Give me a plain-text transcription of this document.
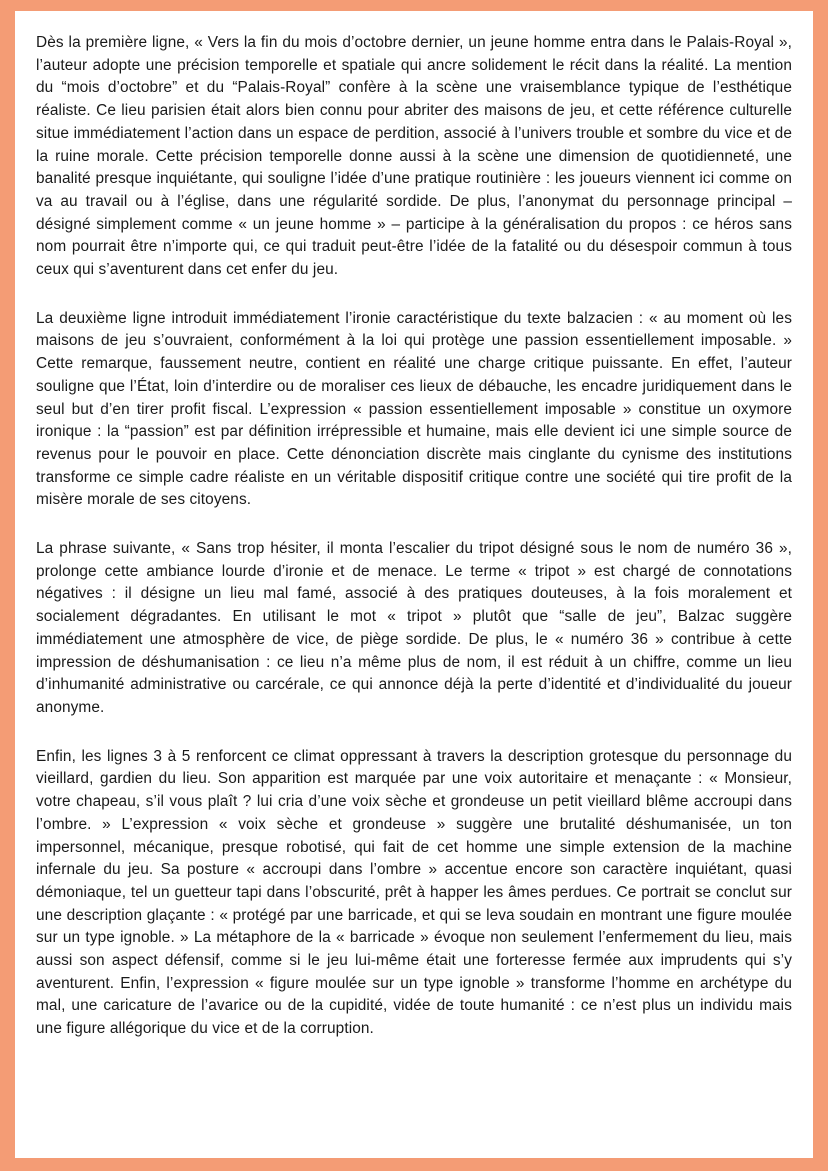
Dès la première ligne, « Vers la fin du mois d’octobre dernier, un jeune homme entra dans le Palais-Royal », l’auteur adopte une précision temporelle et spatiale qui ancre solidement le récit dans la réalité. La mention du “mois d’octobre” et du “Palais-Royal” confère à la scène une vraisemblance typique de l’esthétique réaliste. Ce lieu parisien était alors bien connu pour abriter des maisons de jeu, et cette référence culturelle situe immédiatement l’action dans un espace de perdition, associé à l’univers trouble et sombre du vice et de la ruine morale. Cette précision temporelle donne aussi à la scène une dimension de quotidienneté, une banalité presque inquiétante, qui souligne l’idée d’une pratique routinière : les joueurs viennent ici comme on va au travail ou à l’église, dans une régularité sordide. De plus, l’anonymat du personnage principal – désigné simplement comme « un jeune homme » – participe à la généralisation du propos : ce héros sans nom pourrait être n’importe qui, ce qui traduit peut-être l’idée de la fatalité ou du désespoir commun à tous ceux qui s’aventurent dans cet enfer du jeu.

La deuxième ligne introduit immédiatement l’ironie caractéristique du texte balzacien : « au moment où les maisons de jeu s’ouvraient, conformément à la loi qui protège une passion essentiellement imposable. » Cette remarque, faussement neutre, contient en réalité une charge critique puissante. En effet, l’auteur souligne que l’État, loin d’interdire ou de moraliser ces lieux de débauche, les encadre juridiquement dans le seul but d’en tirer profit fiscal. L’expression « passion essentiellement imposable » constitue un oxymore ironique : la “passion” est par définition irrépressible et humaine, mais elle devient ici une simple source de revenus pour le pouvoir en place. Cette dénonciation discrète mais cinglante du cynisme des institutions transforme ce simple cadre réaliste en un véritable dispositif critique contre une société qui tire profit de la misère morale de ses citoyens.

La phrase suivante, « Sans trop hésiter, il monta l’escalier du tripot désigné sous le nom de numéro 36 », prolonge cette ambiance lourde d’ironie et de menace. Le terme « tripot » est chargé de connotations négatives : il désigne un lieu mal famé, associé à des pratiques douteuses, à la fois moralement et socialement dégradantes. En utilisant le mot « tripot » plutôt que “salle de jeu”, Balzac suggère immédiatement une atmosphère de vice, de piège sordide. De plus, le « numéro 36 » contribue à cette impression de déshumanisation : ce lieu n’a même plus de nom, il est réduit à un chiffre, comme un lieu d’inhumanité administrative ou carcérale, ce qui annonce déjà la perte d’identité et d’individualité du joueur anonyme.

Enfin, les lignes 3 à 5 renforcent ce climat oppressant à travers la description grotesque du personnage du vieillard, gardien du lieu. Son apparition est marquée par une voix autoritaire et menaçante : « Monsieur, votre chapeau, s’il vous plaît ? lui cria d’une voix sèche et grondeuse un petit vieillard blême accroupi dans l’ombre. » L’expression « voix sèche et grondeuse » suggère une brutalité déshumanisée, un ton impersonnel, mécanique, presque robotisé, qui fait de cet homme une simple extension de la machine infernale du jeu. Sa posture « accroupi dans l’ombre » accentue encore son caractère inquiétant, quasi démoniaque, tel un guetteur tapi dans l’obscurité, prêt à happer les âmes perdues. Ce portrait se conclut sur une description glaçante : « protégé par une barricade, et qui se leva soudain en montrant une figure moulée sur un type ignoble. » La métaphore de la « barricade » évoque non seulement l’enfermement du lieu, mais aussi son aspect défensif, comme si le jeu lui-même était une forteresse fermée aux imprudents qui s’y aventurent. Enfin, l’expression « figure moulée sur un type ignoble » transforme l’homme en archétype du mal, une caricature de l’avarice ou de la cupidité, vidée de toute humanité : ce n’est plus un individu mais une figure allégorique du vice et de la corruption.
